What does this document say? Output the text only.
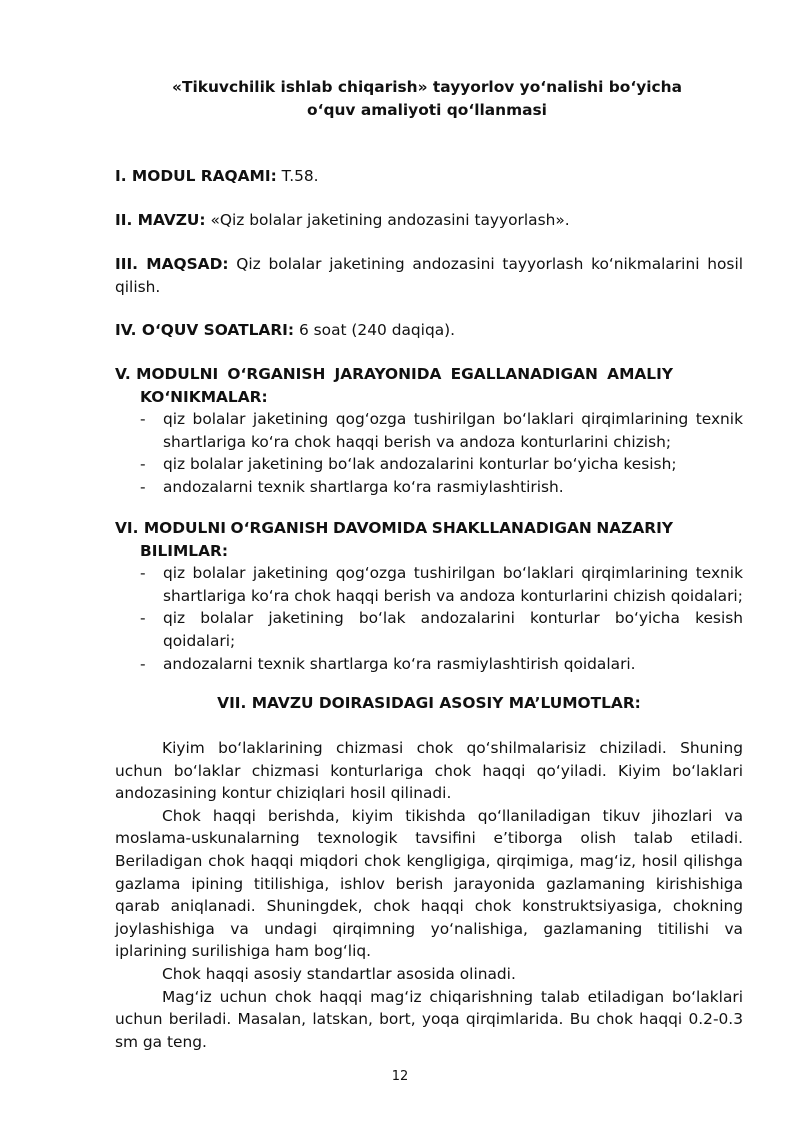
«Tikuvchilik ishlab chiqarish» tayyorlov yo‘nalishi bo‘yicha
o‘quv amaliyoti qo‘llanmasi
I. MODUL RAQAMI: T.58.
II. MAVZU: «Qiz bolalar jaketining andozasini tayyorlash».
III. MAQSAD: Qiz bolalar jaketining andozasini tayyorlash ko‘nikmalarini hosil qilish.
IV. O‘QUV SOATLARI: 6 soat (240 daqiqa).
V. MODULNI O‘RGANISH JARAYONIDA EGALLANADIGAN AMALIY
KO‘NIKMALAR:
- qiz bolalar jaketining qog‘ozga tushirilgan bo‘laklari qirqimlarining texnik shartlariga ko‘ra chok haqqi berish va andoza konturlarini chizish;
- qiz bolalar jaketining bo‘lak andozalarini konturlar bo‘yicha kesish;
- andozalarni texnik shartlarga ko‘ra rasmiylashtirish.
VI. MODULNI O‘RGANISH DAVOMIDA SHAKLLANADIGAN NAZARIY
BILIMLAR:
- qiz bolalar jaketining qog‘ozga tushirilgan bo‘laklari qirqimlarining texnik shartlariga ko‘ra chok haqqi berish va andoza konturlarini chizish qoidalari;
- qiz bolalar jaketining bo‘lak andozalarini konturlar bo‘yicha kesish qoidalari;
- andozalarni texnik shartlarga ko‘ra rasmiylashtirish qoidalari.
VII. MAVZU DOIRASIDAGI ASOSIY MA’LUMOTLAR:

Kiyim bo‘laklarining chizmasi chok qo‘shilmalarisiz chiziladi. Shuning uchun bo‘laklar chizmasi konturlariga chok haqqi qo‘yiladi. Kiyim bo‘laklari andozasining kontur chiziqlari hosil qilinadi.

Chok haqqi berishda, kiyim tikishda qo‘llaniladigan tikuv jihozlari va moslama-uskunalarning texnologik tavsifini e’tiborga olish talab etiladi. Beriladigan chok haqqi miqdori chok kengligiga, qirqimiga, mag‘iz, hosil qilishga gazlama ipining titilishiga, ishlov berish jarayonida gazlamaning kirishishiga qarab aniqlanadi. Shuningdek, chok haqqi chok konstruktsiyasiga, chokning joylashishiga va undagi qirqimning yo‘nalishiga, gazlamaning titilishi va iplarining surilishiga ham bog‘liq.

Chok haqqi asosiy standartlar asosida olinadi.

Mag‘iz uchun chok haqqi mag‘iz chiqarishning talab etiladigan bo‘laklari uchun beriladi. Masalan, latskan, bort, yoqa qirqimlarida. Bu chok haqqi 0.2-0.3 sm ga teng.

12
